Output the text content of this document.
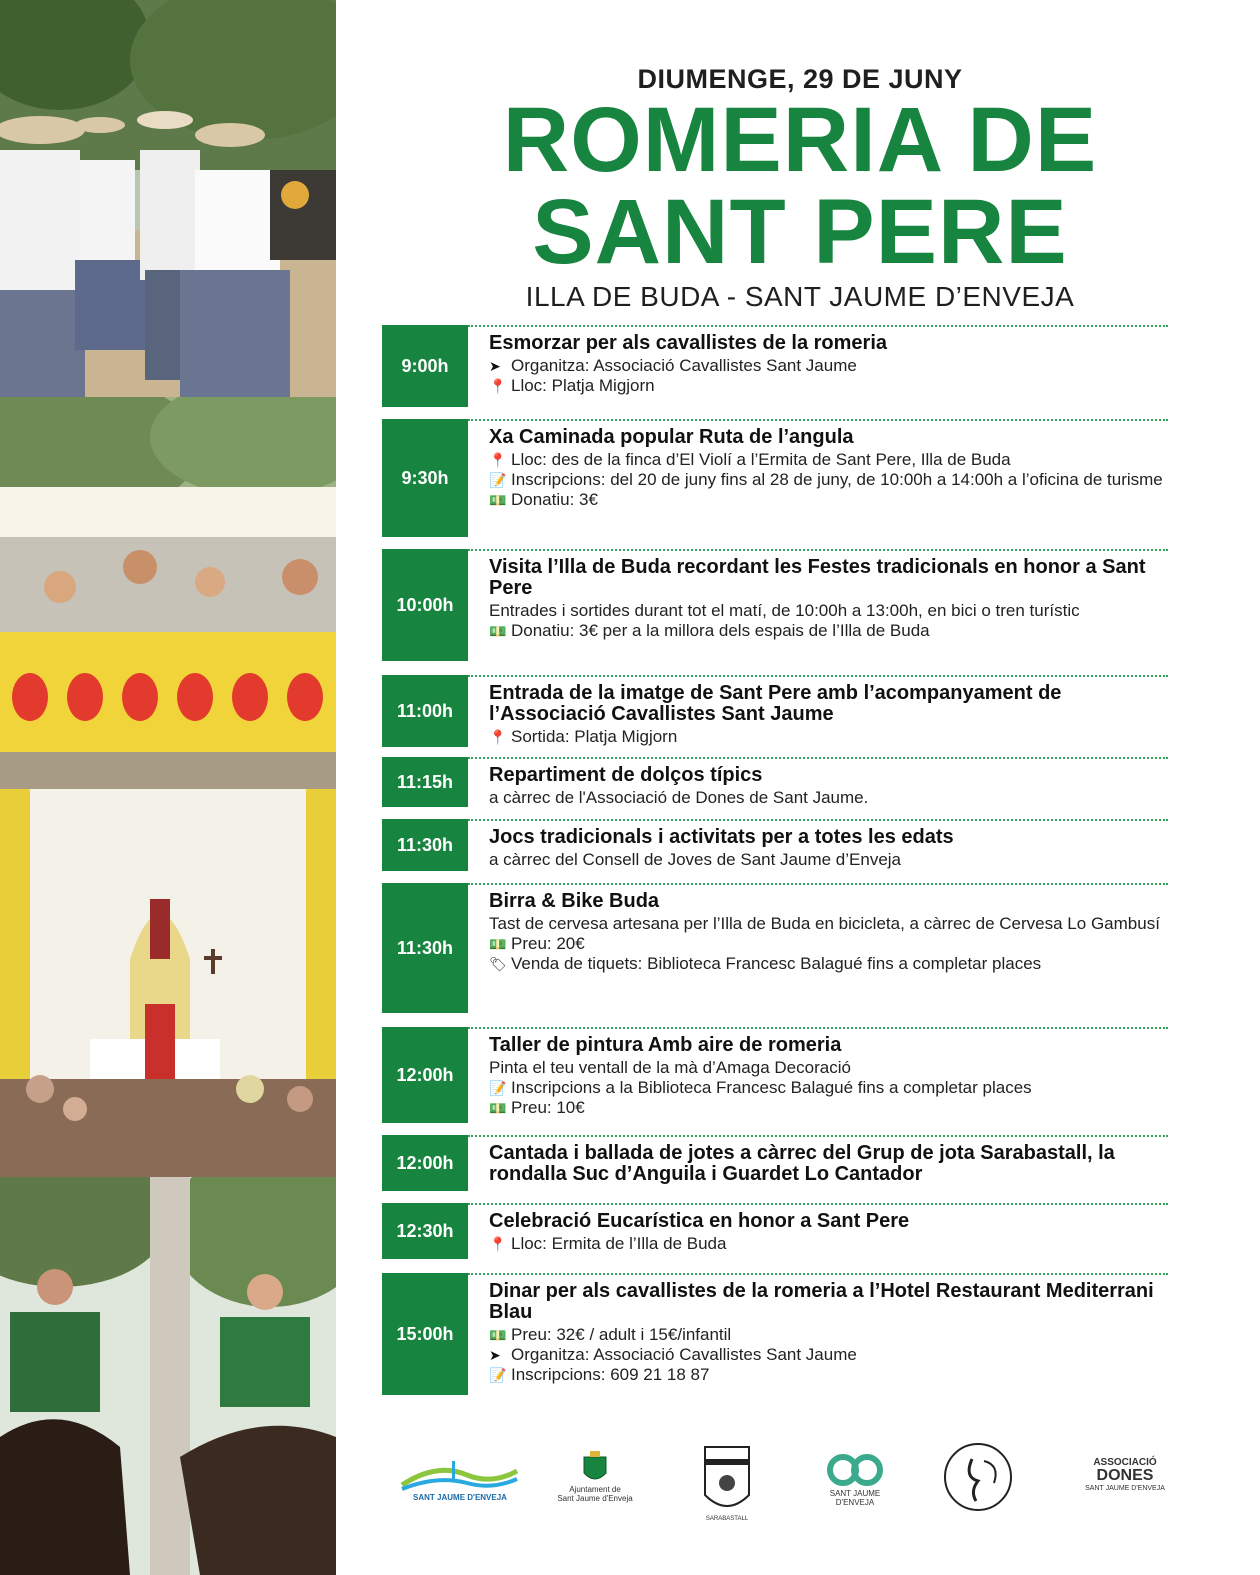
DIUMENGE, 29 DE JUNY
ROMERIA DE
SANT PERE
ILLA DE BUDA - SANT JAUME D’ENVEJA
9:00h
Esmorzar per als cavallistes de la romeria
➤ Organitza: Associació Cavallistes Sant Jaume
📍 Lloc: Platja Migjorn
9:30h
Xa Caminada popular Ruta de l’angula
📍 Lloc: des de la finca d’El Violí a l’Ermita de Sant Pere, Illa de Buda
📝 Inscripcions: del 20 de juny fins al 28 de juny, de 10:00h a 14:00h a l’oficina de turisme
💵 Donatiu: 3€
10:00h
Visita l’Illa de Buda recordant les Festes tradicionals en honor a Sant Pere
Entrades i sortides durant tot el matí, de 10:00h a 13:00h, en bici o tren turístic
💵 Donatiu: 3€ per a la millora dels espais de l’Illa de Buda
11:00h
Entrada de la imatge de Sant Pere amb l’acompanyament de l’Associació Cavallistes Sant Jaume
📍 Sortida: Platja Migjorn
11:15h	Repartiment de dolços típics
a càrrec de l'Associació de Dones de Sant Jaume.
11:30h	Jocs tradicionals i activitats per a totes les edats
a càrrec del Consell de Joves de Sant Jaume d’Enveja
11:30h
Birra & Bike Buda
Tast de cervesa artesana per l’Illa de Buda en bicicleta, a càrrec de Cervesa Lo Gambusí
💵 Preu: 20€
🏷 Venda de tiquets: Biblioteca Francesc Balagué fins a completar places
12:00h
Taller de pintura Amb aire de romeria
Pinta el teu ventall de la mà d’Amaga Decoració
📝 Inscripcions a la Biblioteca Francesc Balagué fins a completar places
💵 Preu: 10€
12:00h	Cantada i ballada de jotes a càrrec del Grup de jota Sarabastall, la rondalla Suc d’Anguila i Guardet Lo Cantador
12:30h	Celebració Eucarística en honor a Sant Pere
📍 Lloc: Ermita de l’Illa de Buda
15:00h
Dinar per als cavallistes de la romeria a l’Hotel Restaurant Mediterrani Blau
💵 Preu: 32€ / adult i 15€/infantil
➤ Organitza: Associació Cavallistes Sant Jaume
📝 Inscripcions: 609 21 18 87
SANT JAUME D'ENVEJA
Ajuntament de
Sant Jaume d'Enveja
SARABASTALL
SANT JAUME D'ENVEJA
ASSOCIACIÓ
DONES
SANT JAUME D'ENVEJA
